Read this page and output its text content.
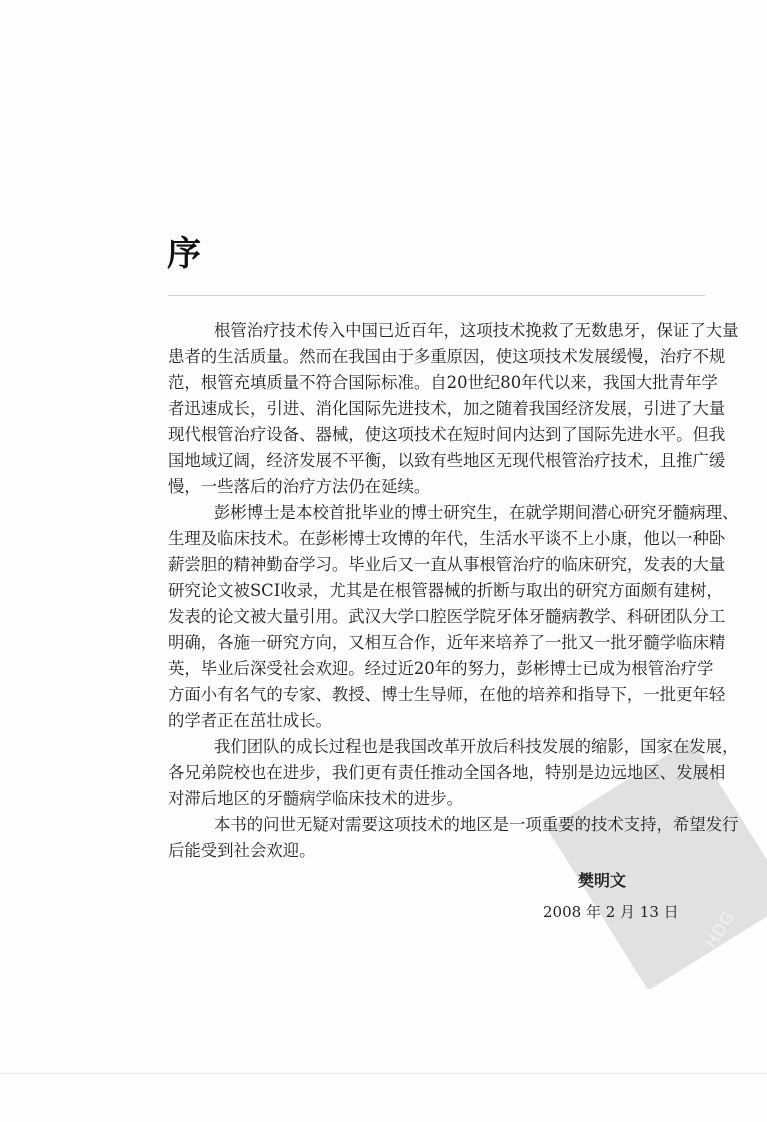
HDG
序
根管治疗技术传入中国已近百年，这项技术挽救了无数患牙，保证了大量
患者的生活质量。然而在我国由于多重原因，使这项技术发展缓慢，治疗不规
范，根管充填质量不符合国际标准。自20世纪80年代以来，我国大批青年学
者迅速成长，引进、消化国际先进技术，加之随着我国经济发展，引进了大量
现代根管治疗设备、器械，使这项技术在短时间内达到了国际先进水平。但我
国地域辽阔，经济发展不平衡，以致有些地区无现代根管治疗技术，且推广缓
慢，一些落后的治疗方法仍在延续。
彭彬博士是本校首批毕业的博士研究生，在就学期间潜心研究牙髓病理、
生理及临床技术。在彭彬博士攻博的年代，生活水平谈不上小康，他以一种卧
薪尝胆的精神勤奋学习。毕业后又一直从事根管治疗的临床研究，发表的大量
研究论文被SCI收录，尤其是在根管器械的折断与取出的研究方面颇有建树，
发表的论文被大量引用。武汉大学口腔医学院牙体牙髓病教学、科研团队分工
明确，各施一研究方向，又相互合作，近年来培养了一批又一批牙髓学临床精
英，毕业后深受社会欢迎。经过近20年的努力，彭彬博士已成为根管治疗学
方面小有名气的专家、教授、博士生导师，在他的培养和指导下，一批更年轻
的学者正在茁壮成长。
我们团队的成长过程也是我国改革开放后科技发展的缩影，国家在发展，
各兄弟院校也在进步，我们更有责任推动全国各地，特别是边远地区、发展相
对滞后地区的牙髓病学临床技术的进步。
本书的问世无疑对需要这项技术的地区是一项重要的技术支持，希望发行
后能受到社会欢迎。
樊明文
2008 年 2 月 13 日
